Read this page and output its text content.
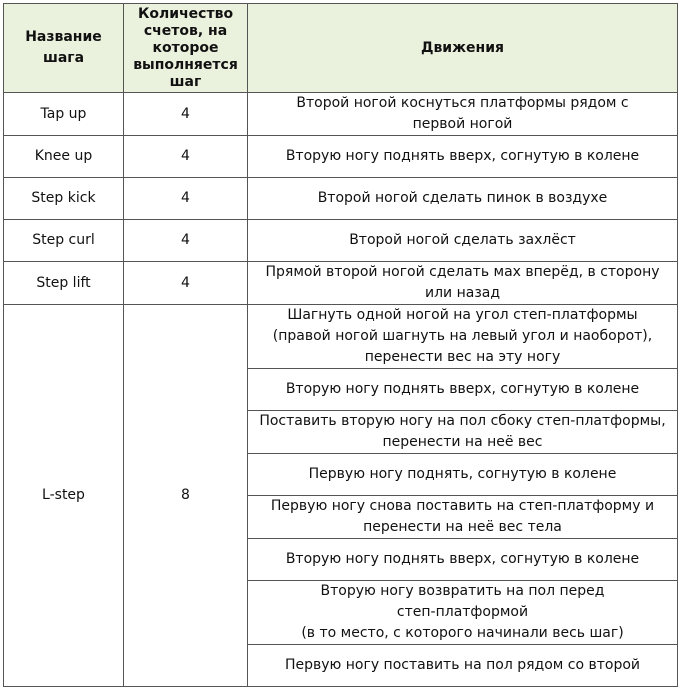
Название шага	Количество
счетов, на
которое
выполняется
шаг	Движения
Tap up	4	Второй ногой коснуться платформы рядом с
первой ногой
Knee up	4	Вторую ногу поднять вверх, согнутую в колене
Step kick	4	Второй ногой сделать пинок в воздухе
Step curl	4	Второй ногой сделать захлёст
Step lift	4	Прямой второй ногой сделать мах вперёд, в сторону
или назад
L-step	8	Шагнуть одной ногой на угол степ-платформы
(правой ногой шагнуть на левый угол и наоборот),
перенести вес на эту ногу
		Вторую ногу поднять вверх, согнутую в колене
		Поставить вторую ногу на пол сбоку степ-платформы,
перенести на неё вес
		Первую ногу поднять, согнутую в колене
		Первую ногу снова поставить на степ-платформу и
перенести на неё вес тела
		Вторую ногу поднять вверх, согнутую в колене
		Вторую ногу возвратить на пол перед
степ-платформой
(в то место, с которого начинали весь шаг)
		Первую ногу поставить на пол рядом со второй
